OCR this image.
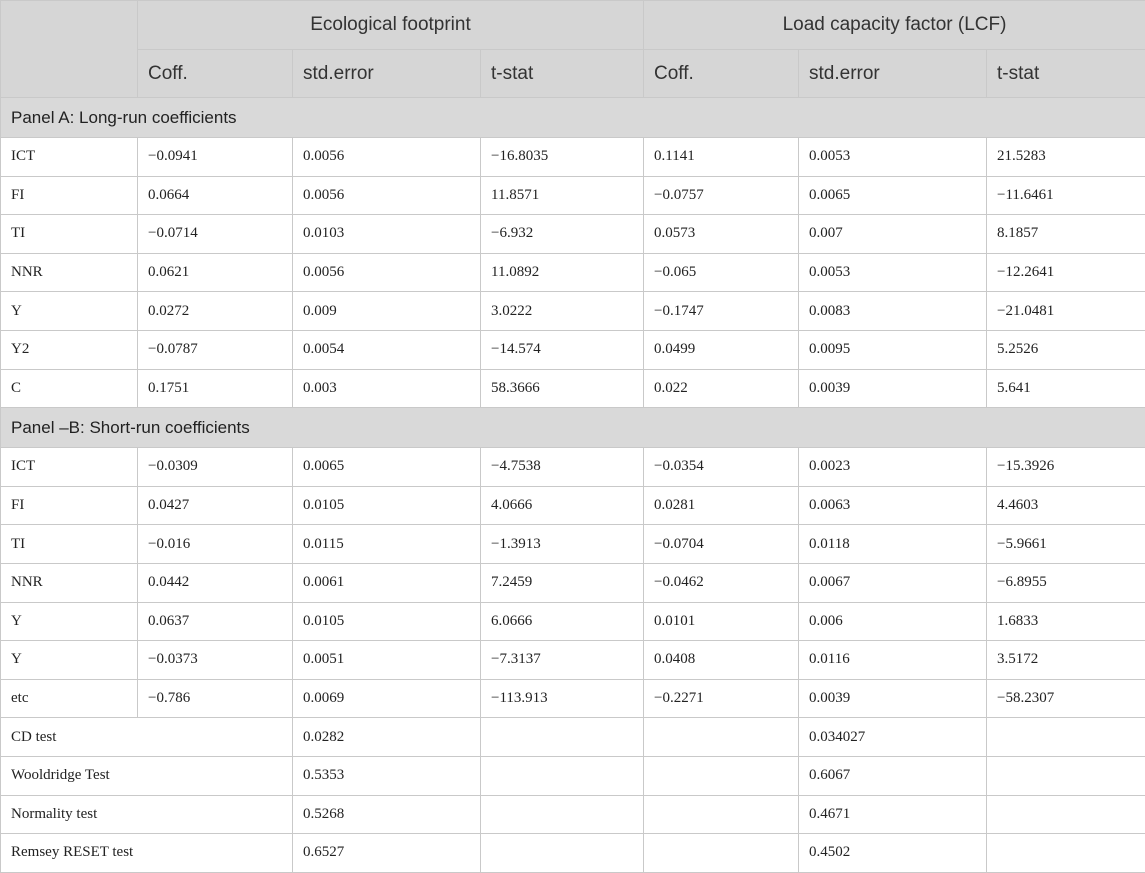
	Ecological footprint			Load capacity factor (LCF)		
	Coff.	std.error	t-stat	Coff.	std.error	t-stat
Panel A: Long-run coefficients						
ICT	−0.0941	0.0056	−16.8035	0.1141	0.0053	21.5283
FI	0.0664	0.0056	11.8571	−0.0757	0.0065	−11.6461
TI	−0.0714	0.0103	−6.932	0.0573	0.007	8.1857
NNR	0.0621	0.0056	11.0892	−0.065	0.0053	−12.2641
Y	0.0272	0.009	3.0222	−0.1747	0.0083	−21.0481
Y2	−0.0787	0.0054	−14.574	0.0499	0.0095	5.2526
C	0.1751	0.003	58.3666	0.022	0.0039	5.641
Panel –B: Short-run coefficients						
ICT	−0.0309	0.0065	−4.7538	−0.0354	0.0023	−15.3926
FI	0.0427	0.0105	4.0666	0.0281	0.0063	4.4603
TI	−0.016	0.0115	−1.3913	−0.0704	0.0118	−5.9661
NNR	0.0442	0.0061	7.2459	−0.0462	0.0067	−6.8955
Y	0.0637	0.0105	6.0666	0.0101	0.006	1.6833
Y	−0.0373	0.0051	−7.3137	0.0408	0.0116	3.5172
etc	−0.786	0.0069	−113.913	−0.2271	0.0039	−58.2307
CD test		0.0282			0.034027	
Wooldridge Test		0.5353			0.6067	
Normality test		0.5268			0.4671	
Remsey RESET test		0.6527			0.4502	
